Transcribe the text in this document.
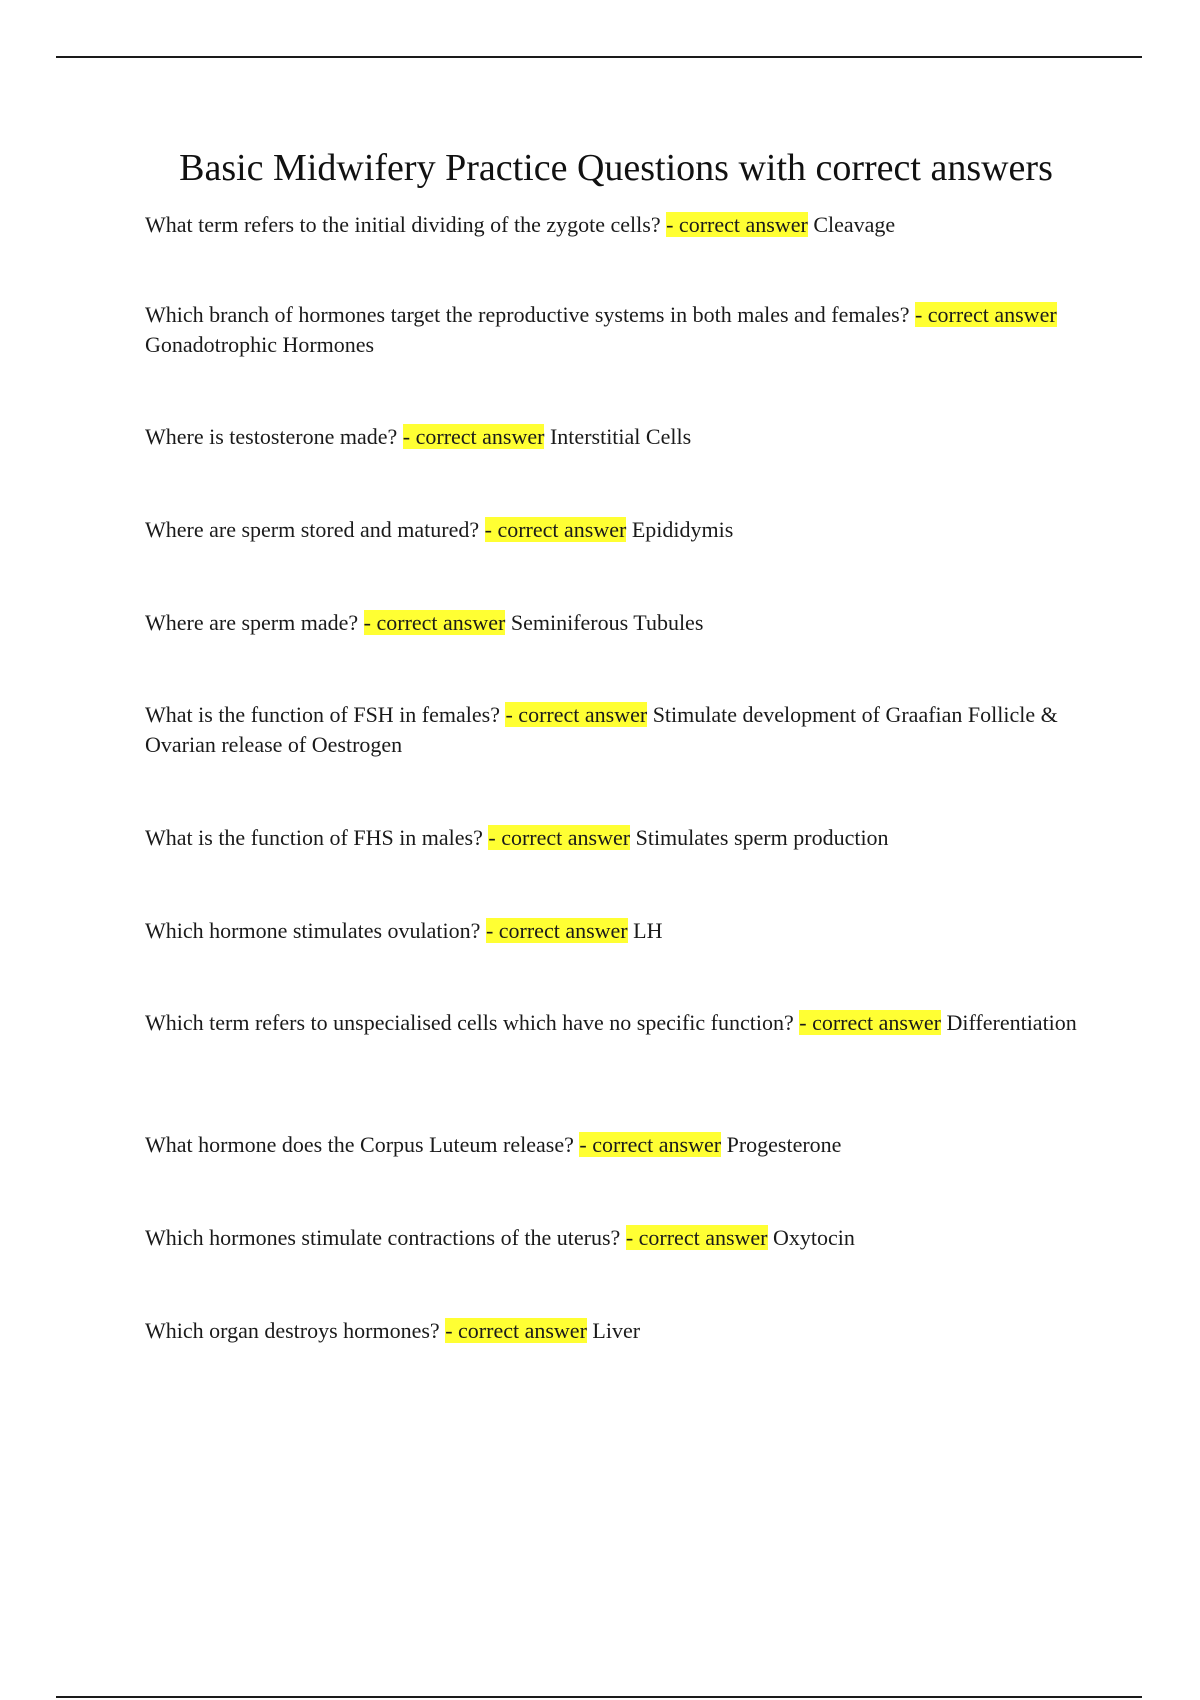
Basic Midwifery Practice Questions with correct answers
What term refers to the initial dividing of the zygote cells? - correct answer Cleavage
Which branch of hormones target the reproductive systems in both males and females? - correct answer Gonadotrophic Hormones
Where is testosterone made? - correct answer Interstitial Cells
Where are sperm stored and matured? - correct answer Epididymis
Where are sperm made? - correct answer Seminiferous Tubules
What is the function of FSH in females? - correct answer Stimulate development of Graafian Follicle & Ovarian release of Oestrogen
What is the function of FHS in males? - correct answer Stimulates sperm production
Which hormone stimulates ovulation? - correct answer LH
Which term refers to unspecialised cells which have no specific function? - correct answer Differentiation
What hormone does the Corpus Luteum release? - correct answer Progesterone
Which hormones stimulate contractions of the uterus? - correct answer Oxytocin
Which organ destroys hormones? - correct answer Liver
